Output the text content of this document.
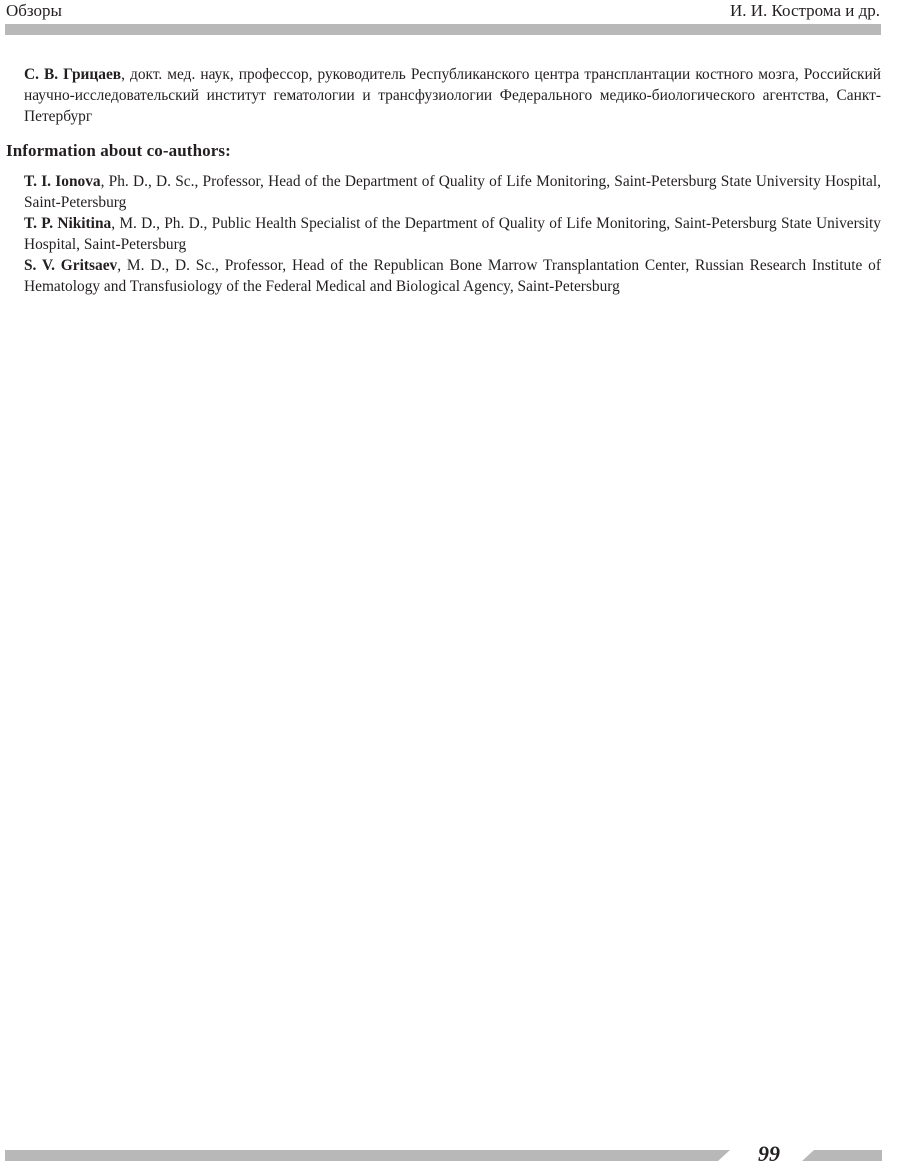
Обзоры	И. И. Кострома и др.

С. В. Грицаев, докт. мед. наук, профессор, руководитель Республиканского центра трансплантации костного мозга, Российский научно-исследовательский институт гематологии и трансфузиологии Федерального медико-биологического агентства, Санкт-Петербург

Information about co-authors:

T. I. Ionova, Ph. D., D. Sc., Professor, Head of the Department of Quality of Life Monitoring, Saint-Petersburg State University Hospital, Saint-Petersburg

T. P. Nikitina, M. D., Ph. D., Public Health Specialist of the Department of Quality of Life Monitoring, Saint-Petersburg State University Hospital, Saint-Petersburg

S. V. Gritsaev, M. D., D. Sc., Professor, Head of the Republican Bone Marrow Transplantation Center, Russian Research Institute of Hematology and Transfusiology of the Federal Medical and Biological Agency, Saint-Petersburg

99
